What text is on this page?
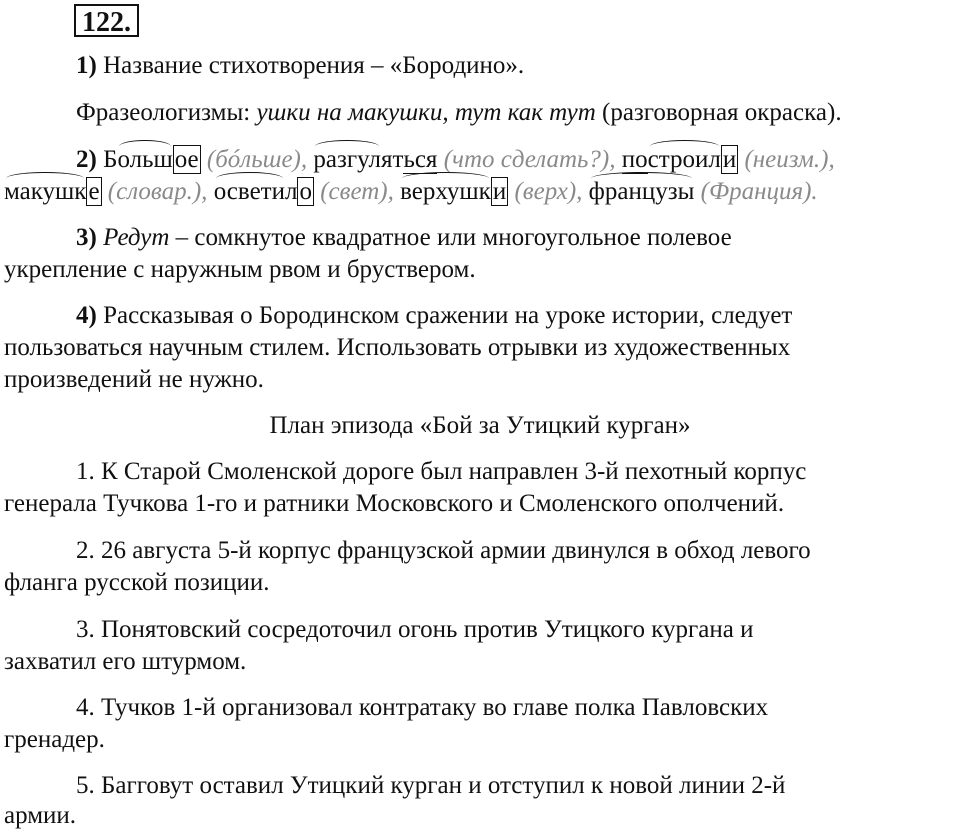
122.
1) Название стихотворения – «Бородино».
Фразеологизмы: ушки на макушки, тут как тут (разговорная окраска).
2) Большое (бóльше), разгуляться (что сделать?), построили (неизм.),
макушке (словар.), осветило (свет), верхушки (верх), французы (Франция).
3) Редут – сомкнутое квадратное или многоугольное полевое
укрепление с наружным рвом и бруствером.
4) Рассказывая о Бородинском сражении на уроке истории, следует
пользоваться научным стилем. Использовать отрывки из художественных
произведений не нужно.
План эпизода «Бой за Утицкий курган»
1. К Старой Смоленской дороге был направлен 3-й пехотный корпус
генерала Тучкова 1-го и ратники Московского и Смоленского ополчений.
2. 26 августа 5-й корпус французской армии двинулся в обход левого
фланга русской позиции.
3. Понятовский сосредоточил огонь против Утицкого кургана и
захватил его штурмом.
4. Тучков 1-й организовал контратаку во главе полка Павловских
гренадер.
5. Багговут оставил Утицкий курган и отступил к новой линии 2-й
армии.
